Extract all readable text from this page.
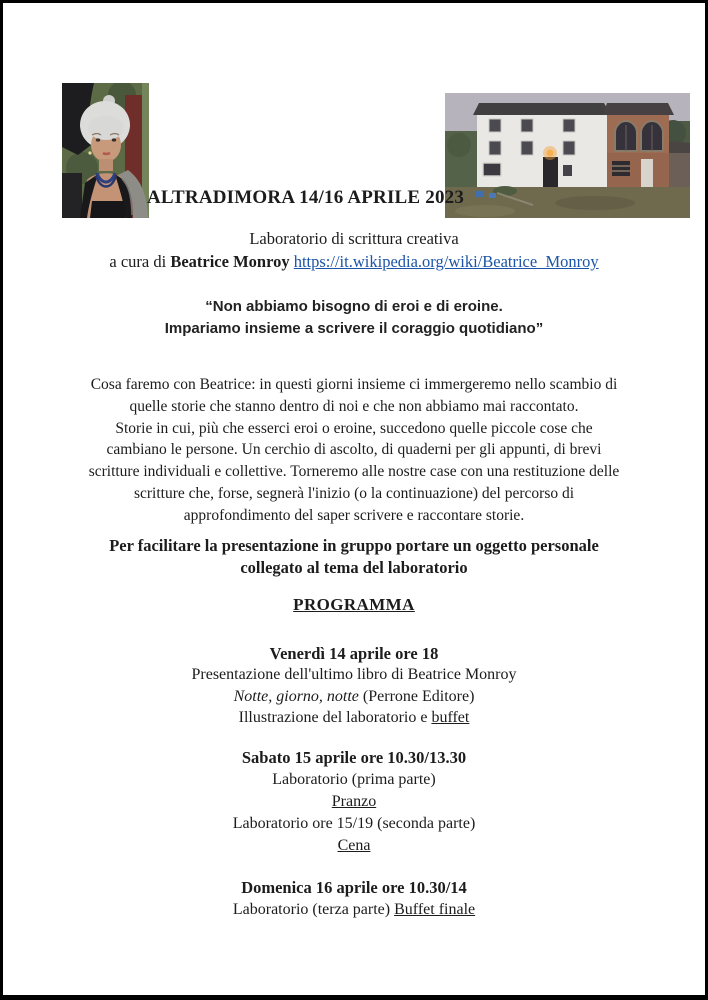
ALTRADIMORA 14/16 APRILE 2023
Laboratorio di scrittura creativa
a cura di Beatrice Monroy https://it.wikipedia.org/wiki/Beatrice_Monroy
“Non abbiamo bisogno di eroi e di eroine.
Impariamo insieme a scrivere il coraggio quotidiano”
Cosa faremo con Beatrice: in questi giorni insieme ci immergeremo nello scambio di
quelle storie che stanno dentro di noi e che non abbiamo mai raccontato.
Storie in cui, più che esserci eroi o eroine, succedono quelle piccole cose che
cambiano le persone. Un cerchio di ascolto, di quaderni per gli appunti, di brevi
scritture individuali e collettive. Torneremo alle nostre case con una restituzione delle
scritture che, forse, segnerà l'inizio (o la continuazione) del percorso di
approfondimento del saper scrivere e raccontare storie.
Per facilitare la presentazione in gruppo portare un oggetto personale
collegato al tema del laboratorio
PROGRAMMA
Venerdì 14 aprile ore 18
Presentazione dell'ultimo libro di Beatrice Monroy
Notte, giorno, notte (Perrone Editore)
Illustrazione del laboratorio e buffet
Sabato 15 aprile ore 10.30/13.30
Laboratorio (prima parte)
Pranzo
Laboratorio ore 15/19 (seconda parte)
Cena
Domenica 16 aprile ore 10.30/14
Laboratorio (terza parte) Buffet finale
